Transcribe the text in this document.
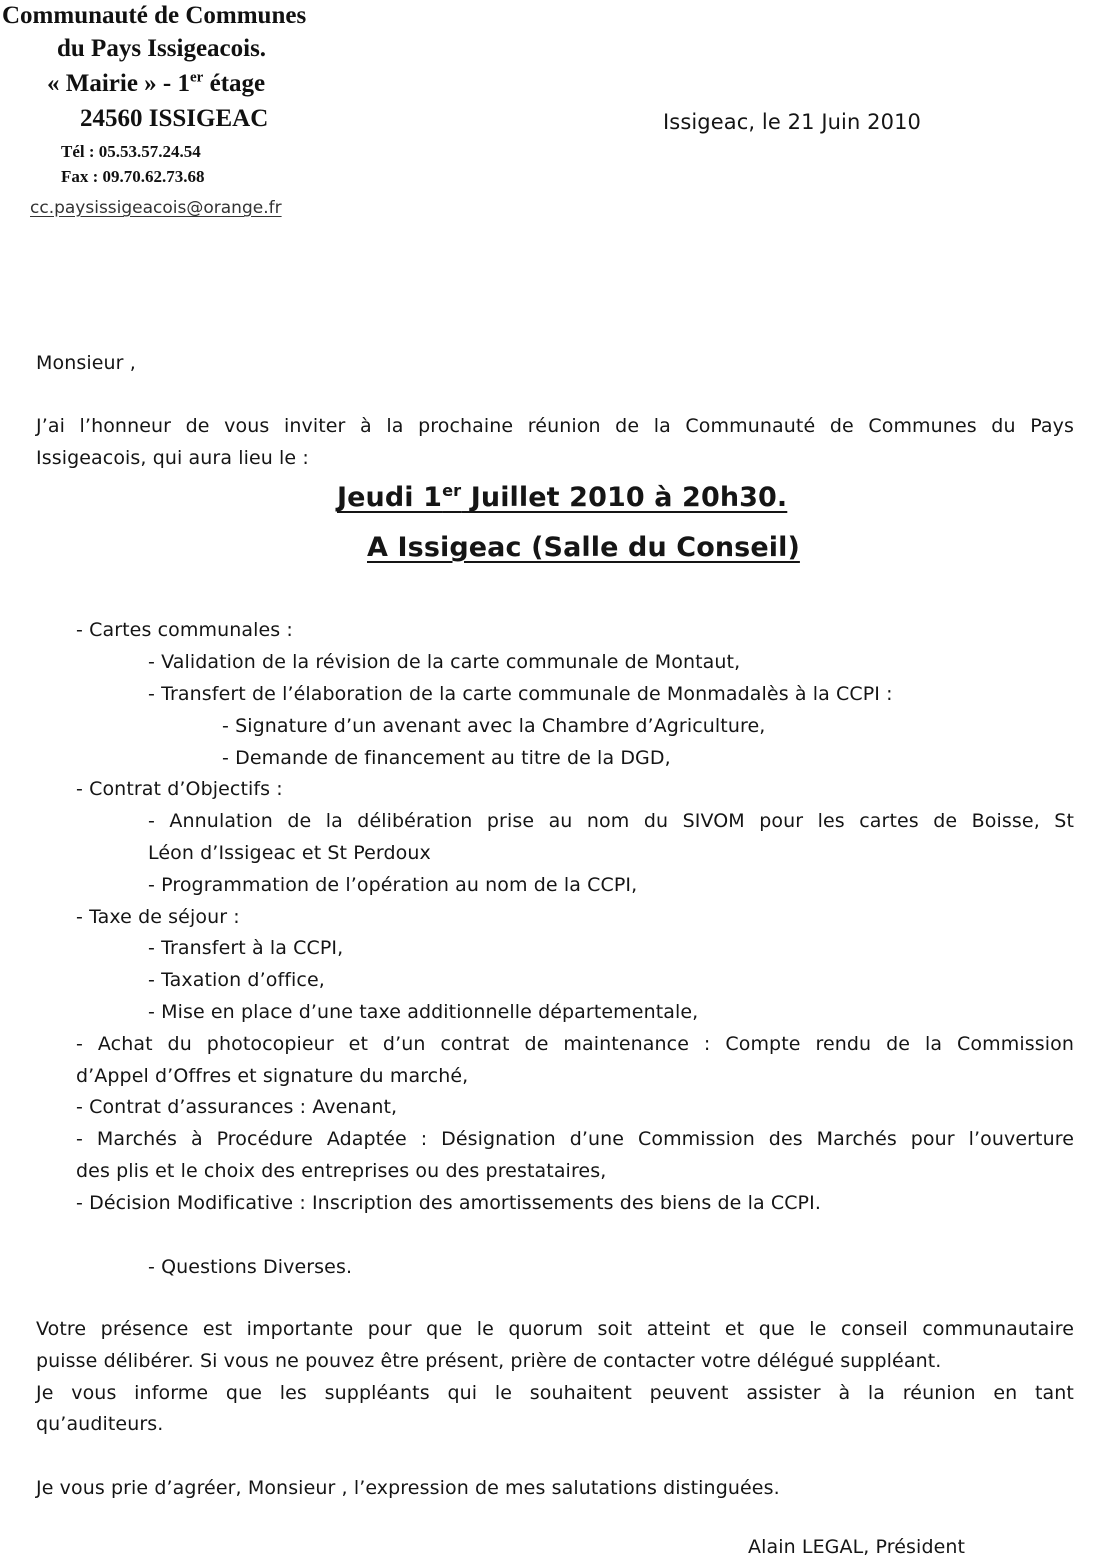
Communauté de Communes
du Pays Issigeacois.
« Mairie » - 1er étage
24560 ISSIGEAC
Tél : 05.53.57.24.54
Fax : 09.70.62.73.68
cc.paysissigeacois@orange.fr
Issigeac, le 21 Juin 2010
Monsieur ,
J’ai l’honneur de vous inviter à la prochaine réunion de la Communauté de Communes du Pays
Issigeacois, qui aura lieu le :
Jeudi 1er Juillet 2010 à 20h30.
A Issigeac (Salle du Conseil)
- Cartes communales :
- Validation de la révision de la carte communale de Montaut,
- Transfert de l’élaboration de la carte communale de Monmadalès à la CCPI :
- Signature d’un avenant avec la Chambre d’Agriculture,
- Demande de financement au titre de la DGD,
- Contrat d’Objectifs :
- Annulation de la délibération prise au nom du SIVOM pour les cartes de Boisse, St
Léon d’Issigeac et St Perdoux
- Programmation de l’opération au nom de la CCPI,
- Taxe de séjour :
- Transfert à la CCPI,
- Taxation d’office,
- Mise en place d’une taxe additionnelle départementale,
- Achat du photocopieur et d’un contrat de maintenance : Compte rendu de la Commission
d’Appel d’Offres et signature du marché,
- Contrat d’assurances : Avenant,
- Marchés à Procédure Adaptée : Désignation d’une Commission des Marchés pour l’ouverture
des plis et le choix des entreprises ou des prestataires,
- Décision Modificative : Inscription des amortissements des biens de la CCPI.
- Questions Diverses.
Votre présence est importante pour que le quorum soit atteint et que le conseil communautaire
puisse délibérer. Si vous ne pouvez être présent, prière de contacter votre délégué suppléant.
Je vous informe que les suppléants qui le souhaitent peuvent assister à la réunion en tant
qu’auditeurs.
Je vous prie d’agréer, Monsieur , l’expression de mes salutations distinguées.
Alain LEGAL, Président
